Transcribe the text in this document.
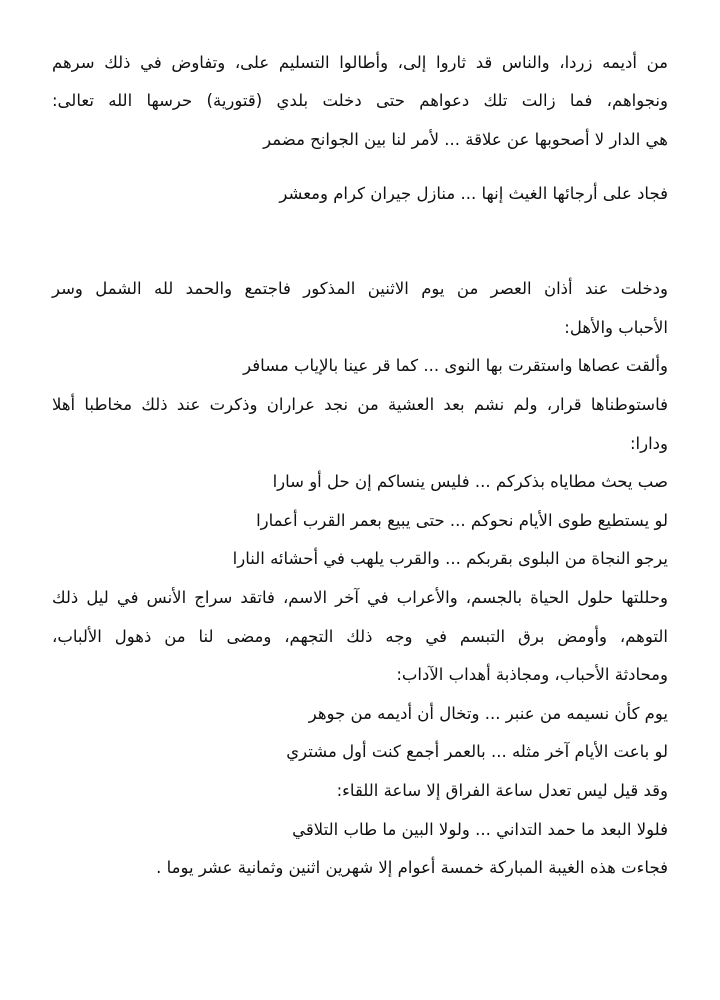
من أديمه زردا، والناس قد ثاروا إلى، وأطالوا التسليم على، وتفاوض في ذلك سرهم
ونجواهم، فما زالت تلك دعواهم حتى دخلت بلدي (قتورية) حرسها الله تعالى:
هي الدار لا أصحوبها عن علاقة ... لأمر لنا بين الجوانح مضمر
فجاد على أرجائها الغيث إنها ... منازل جيران كرام ومعشر
ودخلت عند أذان العصر من يوم الاثنين المذكور فاجتمع والحمد لله الشمل وسر
الأحباب والأهل:
وألقت عصاها واستقرت بها النوى ... كما قر عينا بالإياب مسافر
فاستوطناها قرار، ولم نشم بعد العشية من نجد عراران وذكرت عند ذلك مخاطبا أهلا
ودارا:
صب يحث مطاياه بذكركم ... فليس ينساكم إن حل أو سارا
لو يستطيع طوى الأيام نحوكم ... حتى يبيع بعمر القرب أعمارا
يرجو النجاة من البلوى بقربكم ... والقرب يلهب في أحشائه النارا
وحللتها حلول الحياة بالجسم، والأعراب في آخر الاسم، فاتقد سراج الأنس في ليل ذلك
التوهم، وأومض برق التبسم في وجه ذلك التجهم، ومضى لنا من ذهول الألباب،
ومحادثة الأحباب، ومجاذبة أهداب الآداب:
يوم كأن نسيمه من عنبر ... وتخال أن أديمه من جوهر
لو باعت الأيام آخر مثله ... بالعمر أجمع كنت أول مشتري
وقد قيل ليس تعدل ساعة الفراق إلا ساعة اللقاء:
فلولا البعد ما حمد التداني ... ولولا البين ما طاب التلاقي
فجاءت هذه الغيبة المباركة خمسة أعوام إلا شهرين اثنين وثمانية عشر يوما .
